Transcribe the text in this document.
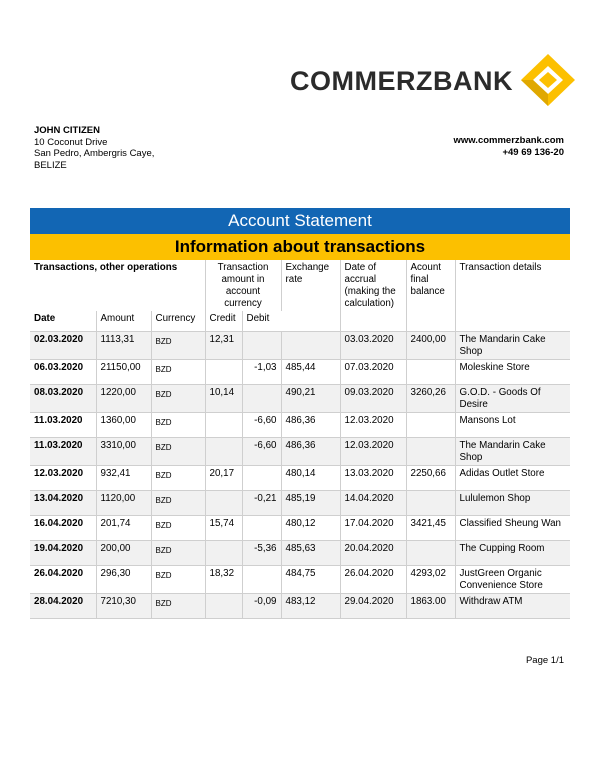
COMMERZBANK
JOHN CITIZEN
10 Coconut Drive
San Pedro, Ambergris Caye,
BELIZE
www.commerzbank.com
+49 69 136-20
Account Statement
Information about transactions
Transactions, other operations			Transaction amount in account currency		Exchange rate	Date of accrual (making the calculation)	Acount final balance	Transaction details
Date	Amount	Currency	Credit	Debit				
02.03.2020	1113,31	BZD	12,31			03.03.2020	2400,00	The Mandarin Cake Shop
06.03.2020	21150,00	BZD		-1,03	485,44	07.03.2020		Moleskine Store
08.03.2020	1220,00	BZD	10,14		490,21	09.03.2020	3260,26	G.O.D. - Goods Of Desire
11.03.2020	1360,00	BZD		-6,60	486,36	12.03.2020		Mansons Lot
11.03.2020	3310,00	BZD		-6,60	486,36	12.03.2020		The Mandarin Cake Shop
12.03.2020	932,41	BZD	20,17		480,14	13.03.2020	2250,66	Adidas Outlet Store
13.04.2020	1120,00	BZD		-0,21	485,19	14.04.2020		Lululemon Shop
16.04.2020	201,74	BZD	15,74		480,12	17.04.2020	3421,45	Classified Sheung Wan
19.04.2020	200,00	BZD		-5,36	485,63	20.04.2020		The Cupping Room
26.04.2020	296,30	BZD	18,32		484,75	26.04.2020	4293,02	JustGreen Organic Convenience Store
28.04.2020	7210,30	BZD		-0,09	483,12	29.04.2020	1863.00	Withdraw ATM
Page 1/1
